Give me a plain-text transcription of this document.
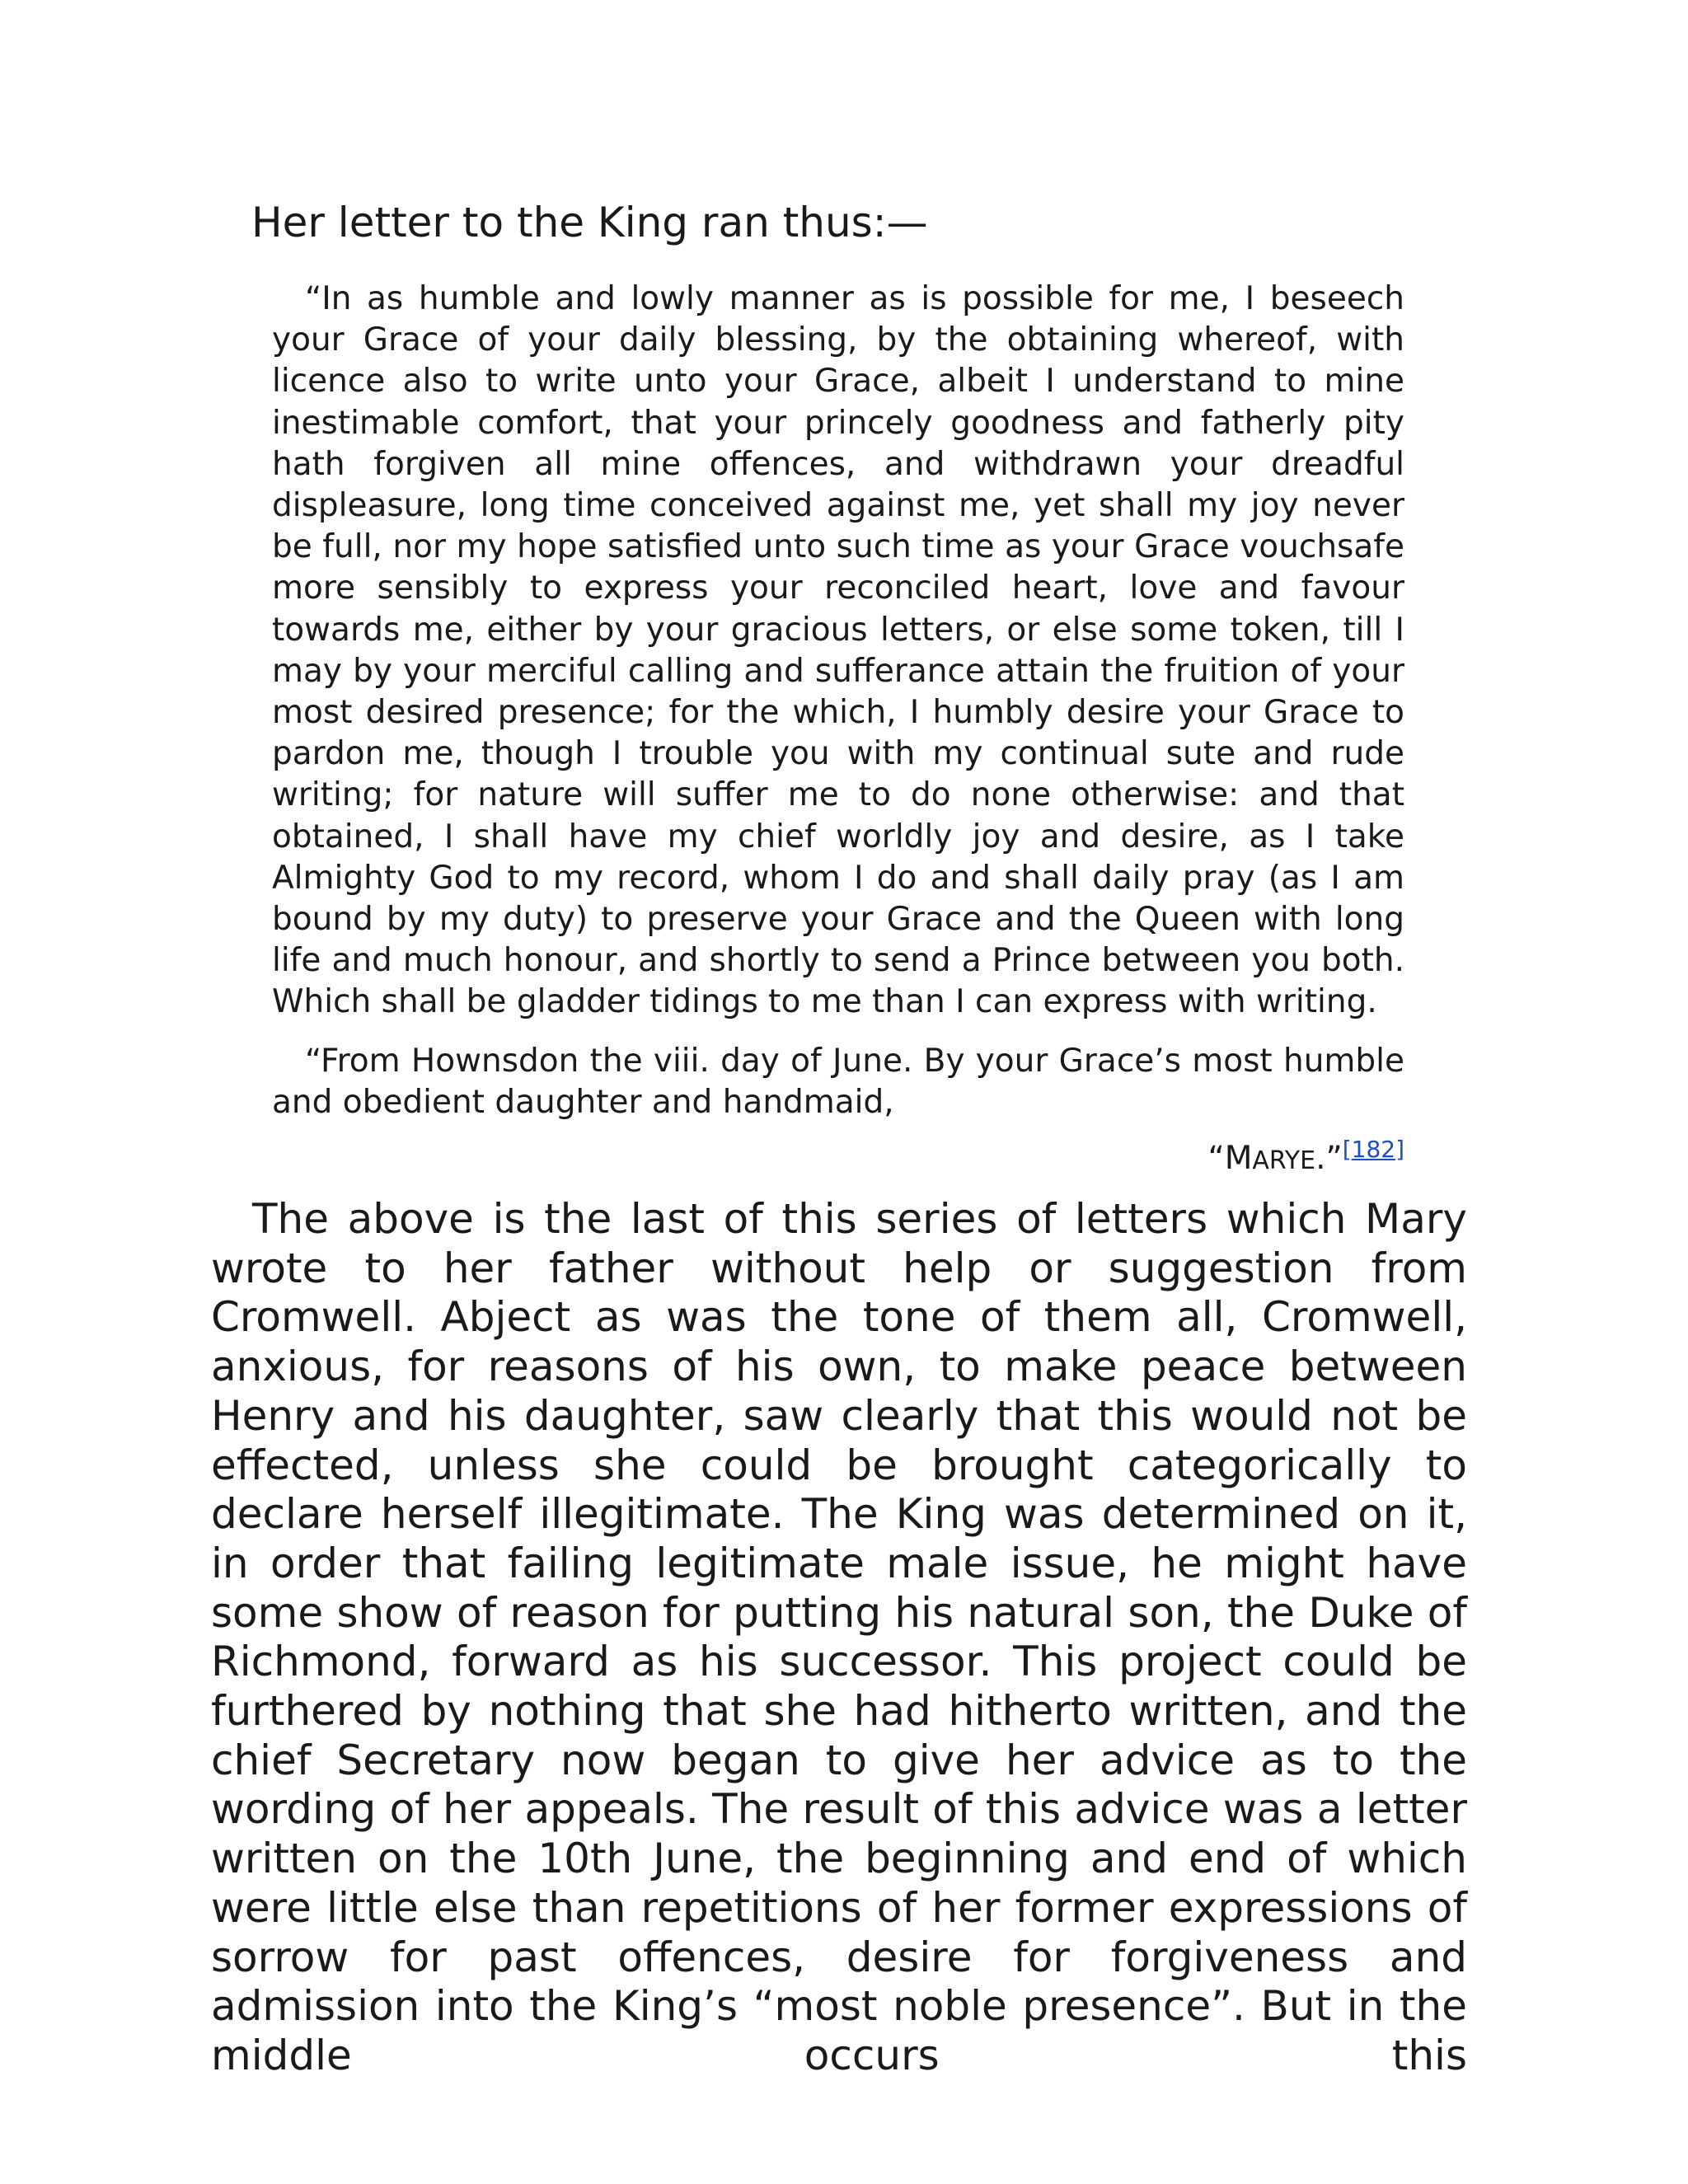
Her letter to the King ran thus:—

“In as humble and lowly manner as is possible for me, I beseech your Grace of your daily blessing, by the obtaining whereof, with licence also to write unto your Grace, albeit I understand to mine inestimable comfort, that your princely goodness and fatherly pity hath forgiven all mine offences, and withdrawn your dreadful displeasure, long time conceived against me, yet shall my joy never be full, nor my hope satisfied unto such time as your Grace vouchsafe more sensibly to express your reconciled heart, love and favour towards me, either by your gracious letters, or else some token, till I may by your merciful calling and sufferance attain the fruition of your most desired presence; for the which, I humbly desire your Grace to pardon me, though I trouble you with my continual sute and rude writing; for nature will suffer me to do none otherwise: and that obtained, I shall have my chief worldly joy and desire, as I take Almighty God to my record, whom I do and shall daily pray (as I am bound by my duty) to preserve your Grace and the Queen with long life and much honour, and shortly to send a Prince between you both. Which shall be gladder tidings to me than I can express with writing.

“From Hownsdon the viii. day of June. By your Grace’s most humble and obedient daughter and handmaid,

“MARYE.”[182]

The above is the last of this series of letters which Mary wrote to her father without help or suggestion from Cromwell. Abject as was the tone of them all, Cromwell, anxious, for reasons of his own, to make peace between Henry and his daughter, saw clearly that this would not be effected, unless she could be brought categorically to declare herself illegitimate. The King was determined on it, in order that failing legitimate male issue, he might have some show of reason for putting his natural son, the Duke of Richmond, forward as his successor. This project could be furthered by nothing that she had hitherto written, and the chief Secretary now began to give her advice as to the wording of her appeals. The result of this advice was a letter written on the 10th June, the beginning and end of which were little else than repetitions of her former expressions of sorrow for past offences, desire for forgiveness and admission into the King’s “most noble presence”. But in the middle occurs this
